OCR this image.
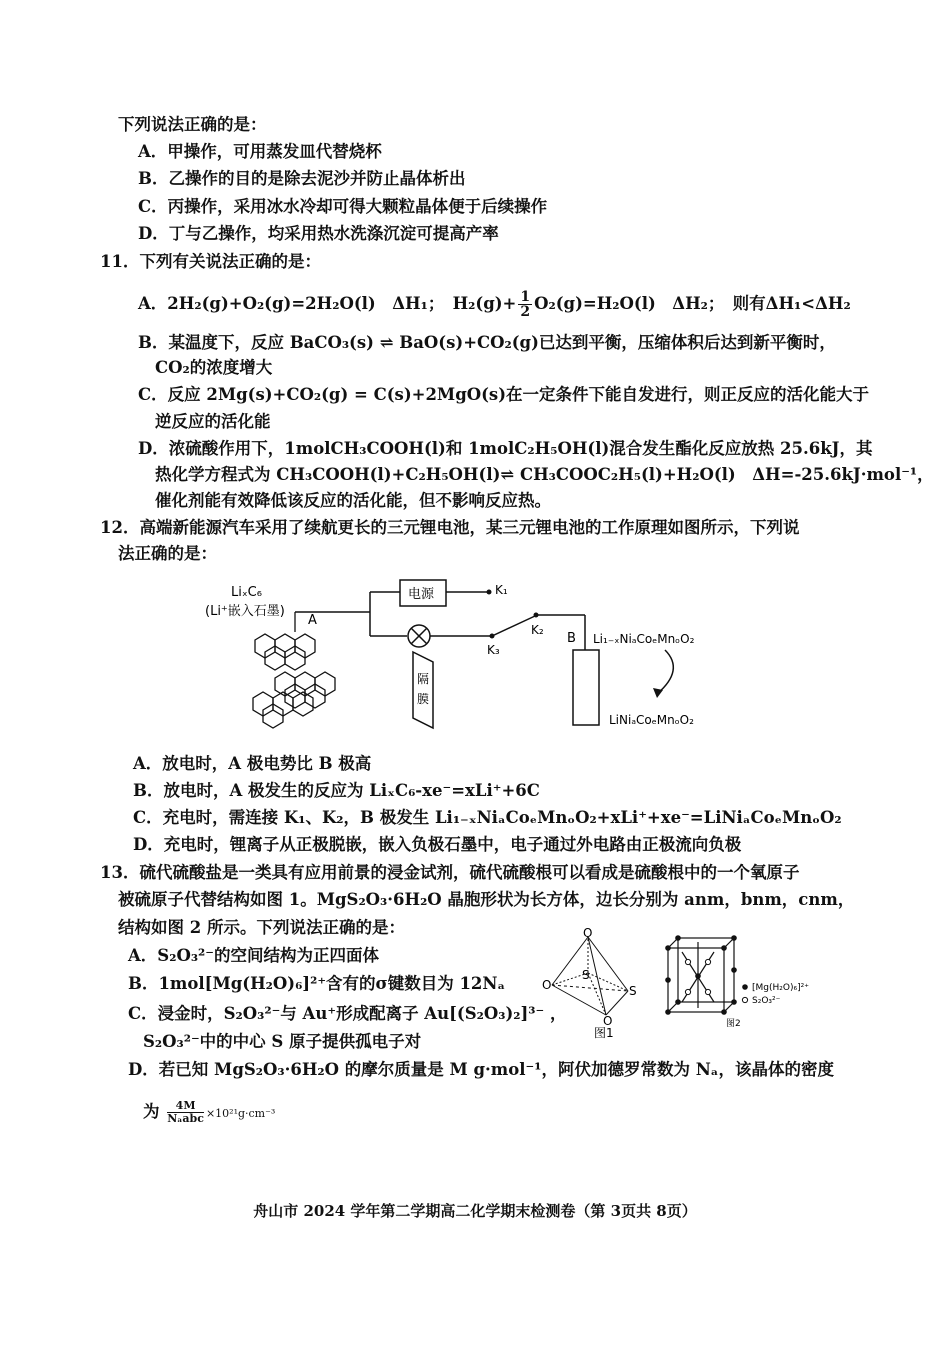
下列说法正确的是：
A．甲操作，可用蒸发皿代替烧杯
B．乙操作的目的是除去泥沙并防止晶体析出
C．丙操作，采用冰水冷却可得大颗粒晶体便于后续操作
D．丁与乙操作，均采用热水洗涤沉淀可提高产率
11．下列有关说法正确的是：
A．2H₂(g)+O₂(g)=2H₂O(l)　ΔH₁；　$H_2(g)+ \frac{1}{2} O_2(g)=H_2O(l)$　ΔH₂；　则有ΔH₁<ΔH₂
B．某温度下，反应 BaCO₃(s) ⇌ BaO(s)+CO₂(g)已达到平衡，压缩体积后达到新平衡时，
CO₂的浓度增大
C．反应 2Mg(s)+CO₂(g) = C(s)+2MgO(s)在一定条件下能自发进行，则正反应的活化能大于
逆反应的活化能
D．浓硫酸作用下，1molCH₃COOH(l)和 1molC₂H₅OH(l)混合发生酯化反应放热 25.6kJ，其
热化学方程式为 CH₃COOH(l)+C₂H₅OH(l)⇌ CH₃COOC₂H₅(l)+H₂O(l)　ΔH=-25.6kJ·mol⁻¹，
催化剂能有效降低该反应的活化能，但不影响反应热。
12．高端新能源汽车采用了续航更长的三元锂电池，某三元锂电池的工作原理如图所示，下列说
法正确的是：
LiₓC₆
(Li⁺嵌入石墨)
A
电源	K₁
K₃
K₂
B Li₁₋ₓNiₐCoₑMnₒO₂
LiNiₐCoₑMnₒO₂
隔
膜
A．放电时，A 极电势比 B 极高
B．放电时，A 极发生的反应为 LiₓC₆-xe⁻=xLi⁺+6C
C．充电时，需连接 K₁、K₂，B 极发生 Li₁₋ₓNiₐCoₑMnₒO₂+xLi⁺+xe⁻=LiNiₐCoₑMnₒO₂
D．充电时，锂离子从正极脱嵌，嵌入负极石墨中，电子通过外电路由正极流向负极
13．硫代硫酸盐是一类具有应用前景的浸金试剂，硫代硫酸根可以看成是硫酸根中的一个氧原子
被硫原子代替结构如图 1。MgS₂O₃·6H₂O 晶胞形状为长方体，边长分别为 anm，bnm，cnm，
结构如图 2 所示。下列说法正确的是：
A．S₂O₃²⁻的空间结构为正四面体
B．1mol[Mg(H₂O)₆]²⁺含有的σ键数目为 12Nₐ
C．浸金时，S₂O₃²⁻与 Au⁺形成配离子 Au[(S₂O₃)₂]³⁻ ，
S₂O₃²⁻中的中心 S 原子提供孤电子对
D．若已知 MgS₂O₃·6H₂O 的摩尔质量是 M g·mol⁻¹，阿伏加德罗常数为 Nₐ，该晶体的密度
为 $\frac{4M}{\text{Nₐabc}} \times 10^{21}g\cdot cm^{-3}$
O
O
O
S
S
图1
[Mg(H₂O)₆]²⁺
S₂O₃²⁻
图2
舟山市 2024 学年第二学期高二化学期末检测卷（第 3页共 8页）
